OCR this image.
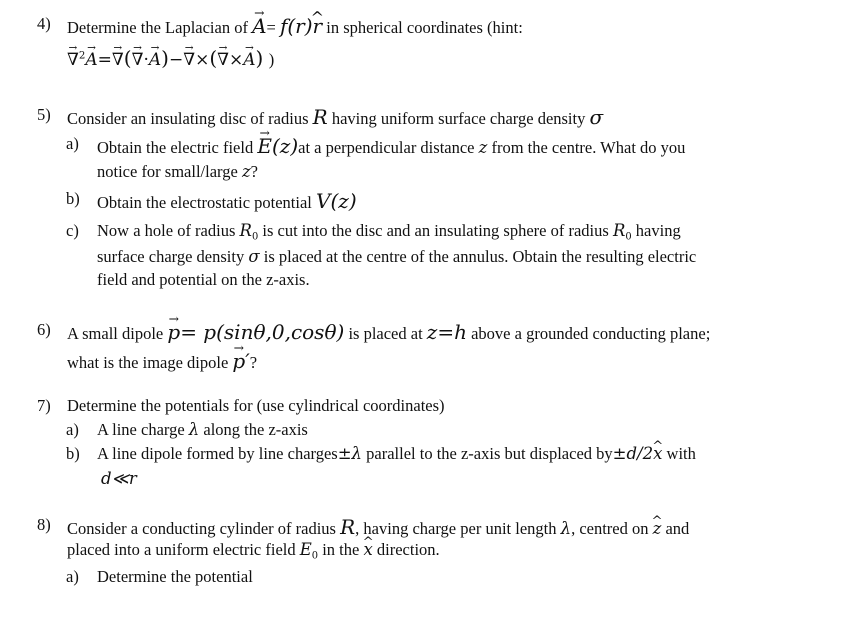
4) Determine the Laplacian of → A= f(r)^ r in spherical coordinates (hint:
→ ∇$^2$→ A=→ ∇(→ ∇·→ A)−→ ∇×(→ ∇×→ A) )
5) Consider an insulating disc of radius R having uniform surface charge density σ
a) Obtain the electric field → E(z)at a perpendicular distance z from the centre. What do you
notice for small/large z?
b) Obtain the electrostatic potential V(z)
c) Now a hole of radius $R_0$ is cut into the disc and an insulating sphere of radius $R_0$ having
surface charge density σ is placed at the centre of the annulus. Obtain the resulting electric
field and potential on the z-axis.
6) A small dipole → p= p(sinθ,0,cosθ) is placed at z=h above a grounded conducting plane;
what is the image dipole → p′?
7) Determine the potentials for (use cylindrical coordinates)
a) A line charge λ along the z-axis
b) A line dipole formed by line charges±λ parallel to the z-axis but displaced by±d/2^ x with
d≪r
8) Consider a conducting cylinder of radius R, having charge per unit length λ, centred on ^ z and
placed into a uniform electric field $E_0$ in the ^ x direction.
a) Determine the potential
